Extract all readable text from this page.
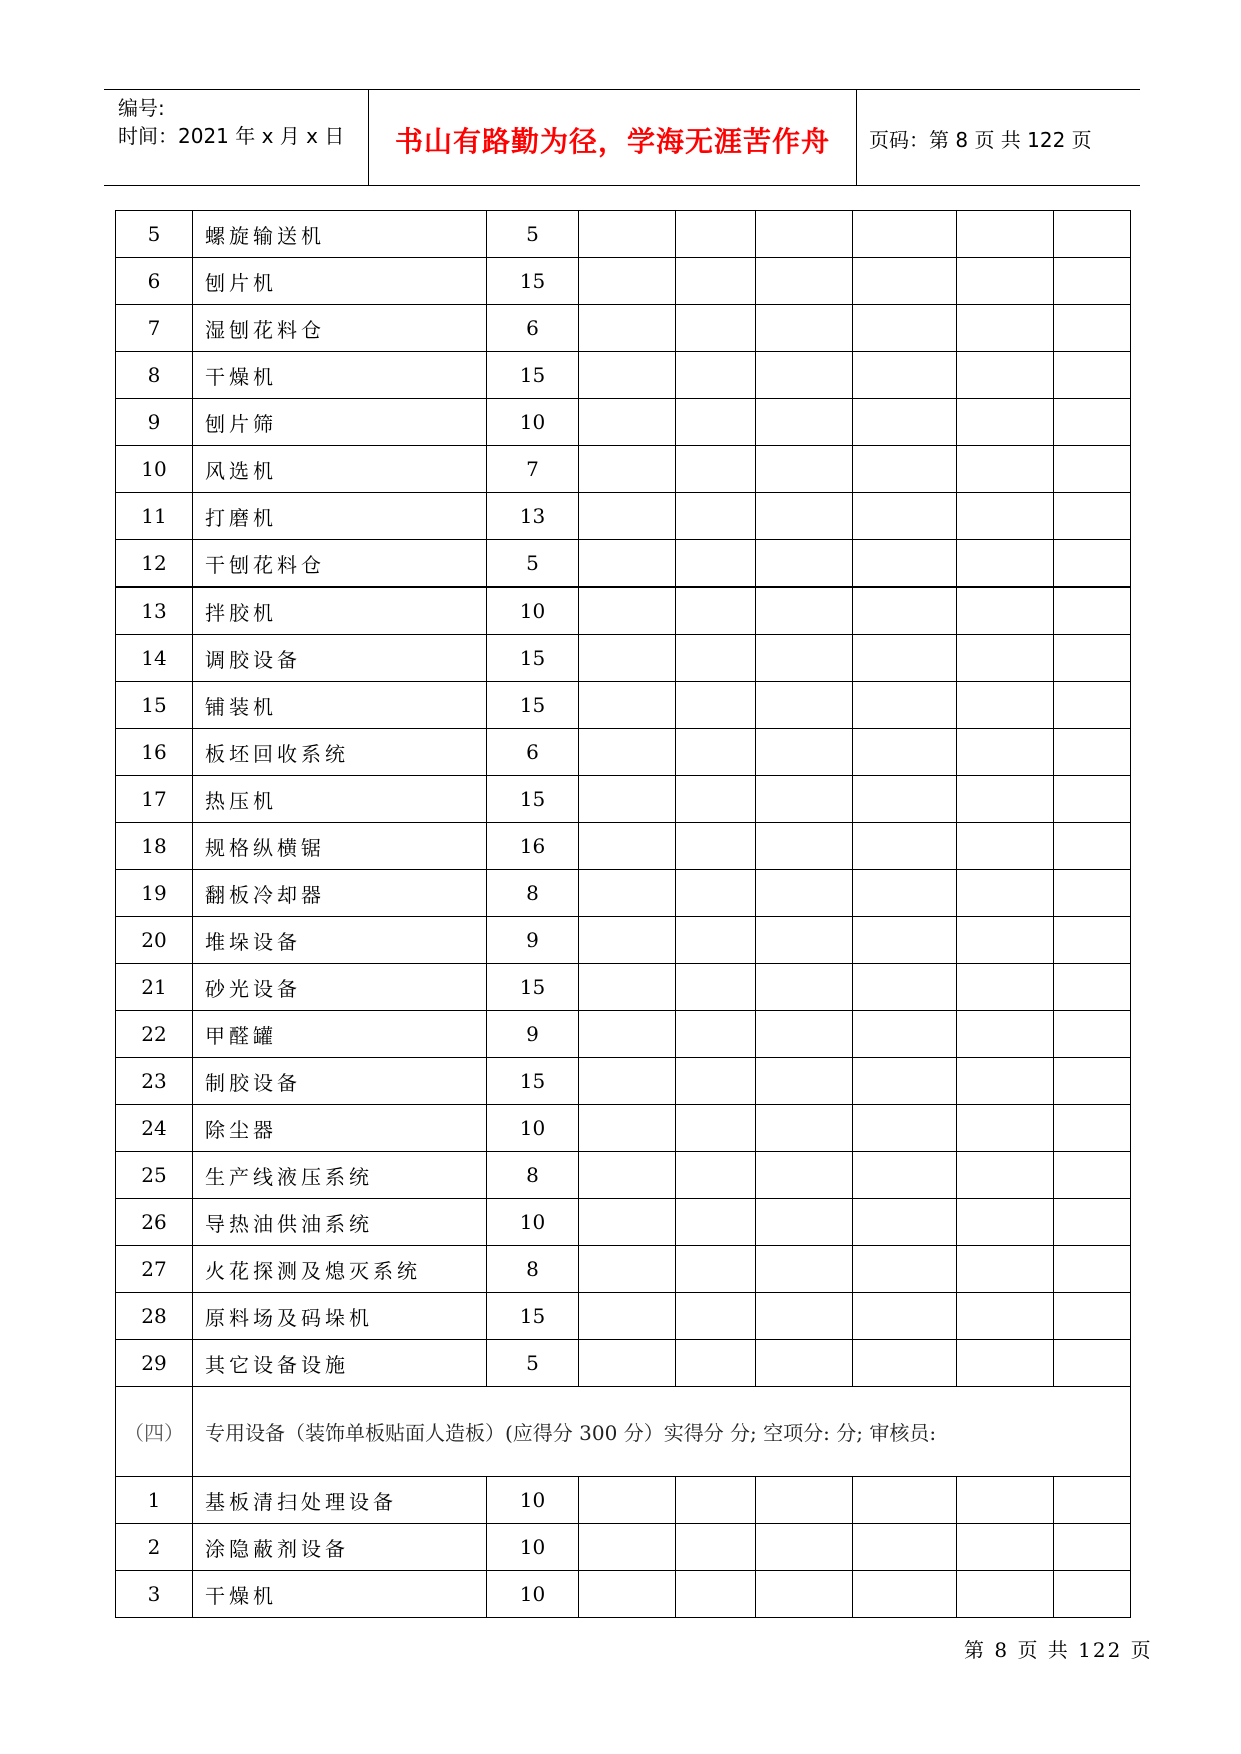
编号:
时间：2021 年 x 月 x 日	书山有路勤为径，学海无涯苦作舟	页码：第 8 页 共 122 页
5	螺旋输送机	5						
6	刨片机	15						
7	湿刨花料仓	6						
8	干燥机	15						
9	刨片筛	10						
10	风选机	7						
11	打磨机	13						
12	干刨花料仓	5						
13	拌胶机	10						
14	调胶设备	15						
15	铺装机	15						
16	板坯回收系统	6						
17	热压机	15						
18	规格纵横锯	16						
19	翻板冷却器	8						
20	堆垛设备	9						
21	砂光设备	15						
22	甲醛罐	9						
23	制胶设备	15						
24	除尘器	10						
25	生产线液压系统	8						
26	导热油供油系统	10						
27	火花探测及熄灭系统	8						
28	原料场及码垛机	15						
29	其它设备设施	5						
（四）	专用设备（装饰单板贴面人造板）(应得分 300 分）实得分 分; 空项分: 分; 审核员:							
1	基板清扫处理设备	10						
2	涂隐蔽剂设备	10						
3	干燥机	10						
第 8 页 共 122 页
